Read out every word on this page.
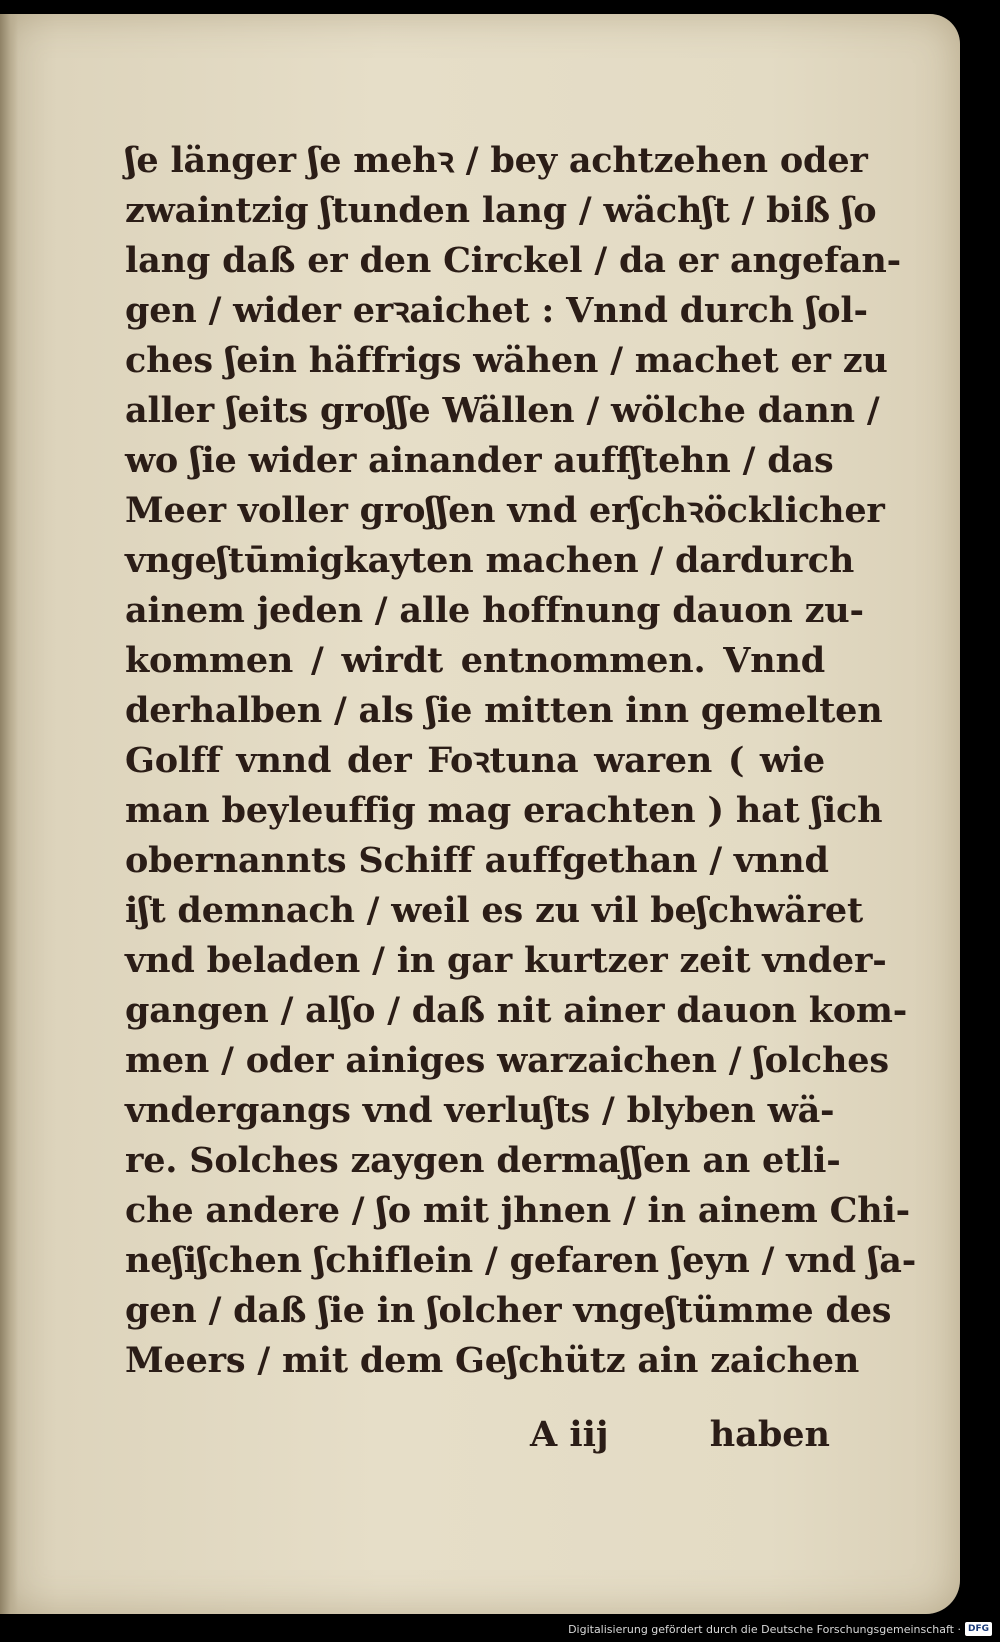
ʃe länger ʃe mehꝛ / bey achtzehen oder
zwaintzig ʃtunden lang / wächʃt / biß ʃo
lang daß er den Circkel / da er angefan-
gen / wider erꝛaichet : Vnnd durch ʃol-
ches ʃein häffrigs wähen / machet er zu
aller ʃeits groʃʃe Wällen / wölche dann /
wo ʃie wider ainander auffʃtehn / das
Meer voller groʃʃen vnd erʃchꝛöcklicher
vngeʃtūmigkayten machen / dardurch
ainem jeden / alle hoffnung dauon zu-
kommen / wirdt entnommen. Vnnd
derhalben / als ʃie mitten inn gemelten
Golff vnnd der Foꝛtuna waren ( wie
man beyleuffig mag erachten ) hat ʃich
obernannts Schiff auffgethan / vnnd
iʃt demnach / weil es zu vil beʃchwäret
vnd beladen / in gar kurtzer zeit vnder-
gangen / alʃo / daß nit ainer dauon kom-
men / oder ainiges warzaichen / ʃolches
vndergangs vnd verluʃts / blyben wä-
re. Solches zaygen dermaʃʃen an etli-
che andere / ʃo mit jhnen / in ainem Chi-
neʃiʃchen ʃchiflein / gefaren ʃeyn / vnd ʃa-
gen / daß ʃie in ʃolcher vngeʃtümme des
Meers / mit dem Geʃchütz ain zaichen
A iij	haben
Digitalisierung gefördert durch die Deutsche Forschungsgemeinschaft · DFG
